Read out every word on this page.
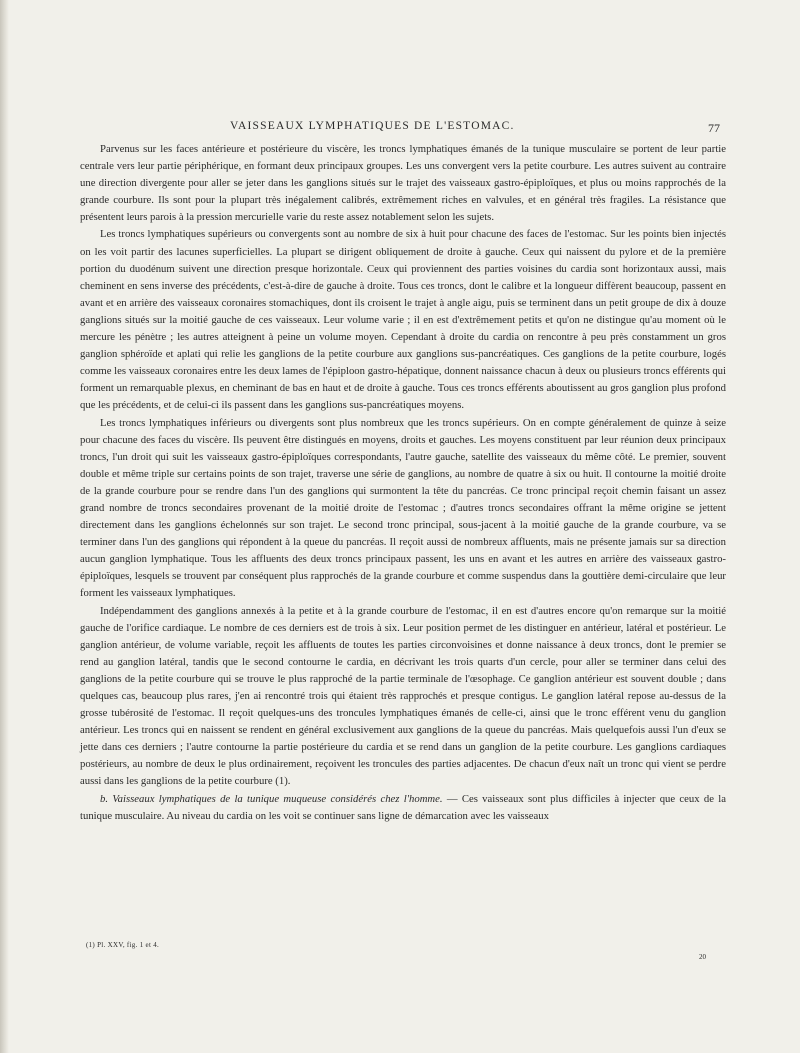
VAISSEAUX LYMPHATIQUES DE L'ESTOMAC.	77

Parvenus sur les faces antérieure et postérieure du viscère, les troncs lymphatiques émanés de la tunique musculaire se portent de leur partie centrale vers leur partie périphérique, en formant deux principaux groupes. Les uns convergent vers la petite courbure. Les autres suivent au contraire une direction divergente pour aller se jeter dans les ganglions situés sur le trajet des vaisseaux gastro-épiploïques, et plus ou moins rapprochés de la grande courbure. Ils sont pour la plupart très inégalement calibrés, extrêmement riches en valvules, et en général très fragiles. La résistance que présentent leurs parois à la pression mercurielle varie du reste assez notablement selon les sujets.

Les troncs lymphatiques supérieurs ou convergents sont au nombre de six à huit pour chacune des faces de l'estomac. Sur les points bien injectés on les voit partir des lacunes superficielles. La plupart se dirigent obliquement de droite à gauche. Ceux qui naissent du pylore et de la première portion du duodénum suivent une direction presque horizontale. Ceux qui proviennent des parties voisines du cardia sont horizontaux aussi, mais cheminent en sens inverse des précédents, c'est-à-dire de gauche à droite. Tous ces troncs, dont le calibre et la longueur diffèrent beaucoup, passent en avant et en arrière des vaisseaux coronaires stomachiques, dont ils croisent le trajet à angle aigu, puis se terminent dans un petit groupe de dix à douze ganglions situés sur la moitié gauche de ces vaisseaux. Leur volume varie ; il en est d'extrêmement petits et qu'on ne distingue qu'au moment où le mercure les pénètre ; les autres atteignent à peine un volume moyen. Cependant à droite du cardia on rencontre à peu près constamment un gros ganglion sphéroïde et aplati qui relie les ganglions de la petite courbure aux ganglions sus-pancréatiques. Ces ganglions de la petite courbure, logés comme les vaisseaux coronaires entre les deux lames de l'épiploon gastro-hépatique, donnent naissance chacun à deux ou plusieurs troncs efférents qui forment un remarquable plexus, en cheminant de bas en haut et de droite à gauche. Tous ces troncs efférents aboutissent au gros ganglion plus profond que les précédents, et de celui-ci ils passent dans les ganglions sus-pancréatiques moyens.

Les troncs lymphatiques inférieurs ou divergents sont plus nombreux que les troncs supérieurs. On en compte généralement de quinze à seize pour chacune des faces du viscère. Ils peuvent être distingués en moyens, droits et gauches. Les moyens constituent par leur réunion deux principaux troncs, l'un droit qui suit les vaisseaux gastro-épiploïques correspondants, l'autre gauche, satellite des vaisseaux du même côté. Le premier, souvent double et même triple sur certains points de son trajet, traverse une série de ganglions, au nombre de quatre à six ou huit. Il contourne la moitié droite de la grande courbure pour se rendre dans l'un des ganglions qui surmontent la tête du pancréas. Ce tronc principal reçoit chemin faisant un assez grand nombre de troncs secondaires provenant de la moitié droite de l'estomac ; d'autres troncs secondaires offrant la même origine se jettent directement dans les ganglions échelonnés sur son trajet. Le second tronc principal, sous-jacent à la moitié gauche de la grande courbure, va se terminer dans l'un des ganglions qui répondent à la queue du pancréas. Il reçoit aussi de nombreux affluents, mais ne présente jamais sur sa direction aucun ganglion lymphatique. Tous les affluents des deux troncs principaux passent, les uns en avant et les autres en arrière des vaisseaux gastro-épiploïques, lesquels se trouvent par conséquent plus rapprochés de la grande courbure et comme suspendus dans la gouttière demi-circulaire que leur forment les vaisseaux lymphatiques.

Indépendamment des ganglions annexés à la petite et à la grande courbure de l'estomac, il en est d'autres encore qu'on remarque sur la moitié gauche de l'orifice cardiaque. Le nombre de ces derniers est de trois à six. Leur position permet de les distinguer en antérieur, latéral et postérieur. Le ganglion antérieur, de volume variable, reçoit les affluents de toutes les parties circonvoisines et donne naissance à deux troncs, dont le premier se rend au ganglion latéral, tandis que le second contourne le cardia, en décrivant les trois quarts d'un cercle, pour aller se terminer dans celui des ganglions de la petite courbure qui se trouve le plus rapproché de la partie terminale de l'œsophage. Ce ganglion antérieur est souvent double ; dans quelques cas, beaucoup plus rares, j'en ai rencontré trois qui étaient très rapprochés et presque contigus. Le ganglion latéral repose au-dessus de la grosse tubérosité de l'estomac. Il reçoit quelques-uns des troncules lymphatiques émanés de celle-ci, ainsi que le tronc efférent venu du ganglion antérieur. Les troncs qui en naissent se rendent en général exclusivement aux ganglions de la queue du pancréas. Mais quelquefois aussi l'un d'eux se jette dans ces derniers ; l'autre contourne la partie postérieure du cardia et se rend dans un ganglion de la petite courbure. Les ganglions cardiaques postérieurs, au nombre de deux le plus ordinairement, reçoivent les troncules des parties adjacentes. De chacun d'eux naît un tronc qui vient se perdre aussi dans les ganglions de la petite courbure (1).

b. Vaisseaux lymphatiques de la tunique muqueuse considérés chez l'homme. — Ces vaisseaux sont plus difficiles à injecter que ceux de la tunique musculaire. Au niveau du cardia on les voit se continuer sans ligne de démarcation avec les vaisseaux

(1) Pl. XXV, fig. 1 et 4.
20
